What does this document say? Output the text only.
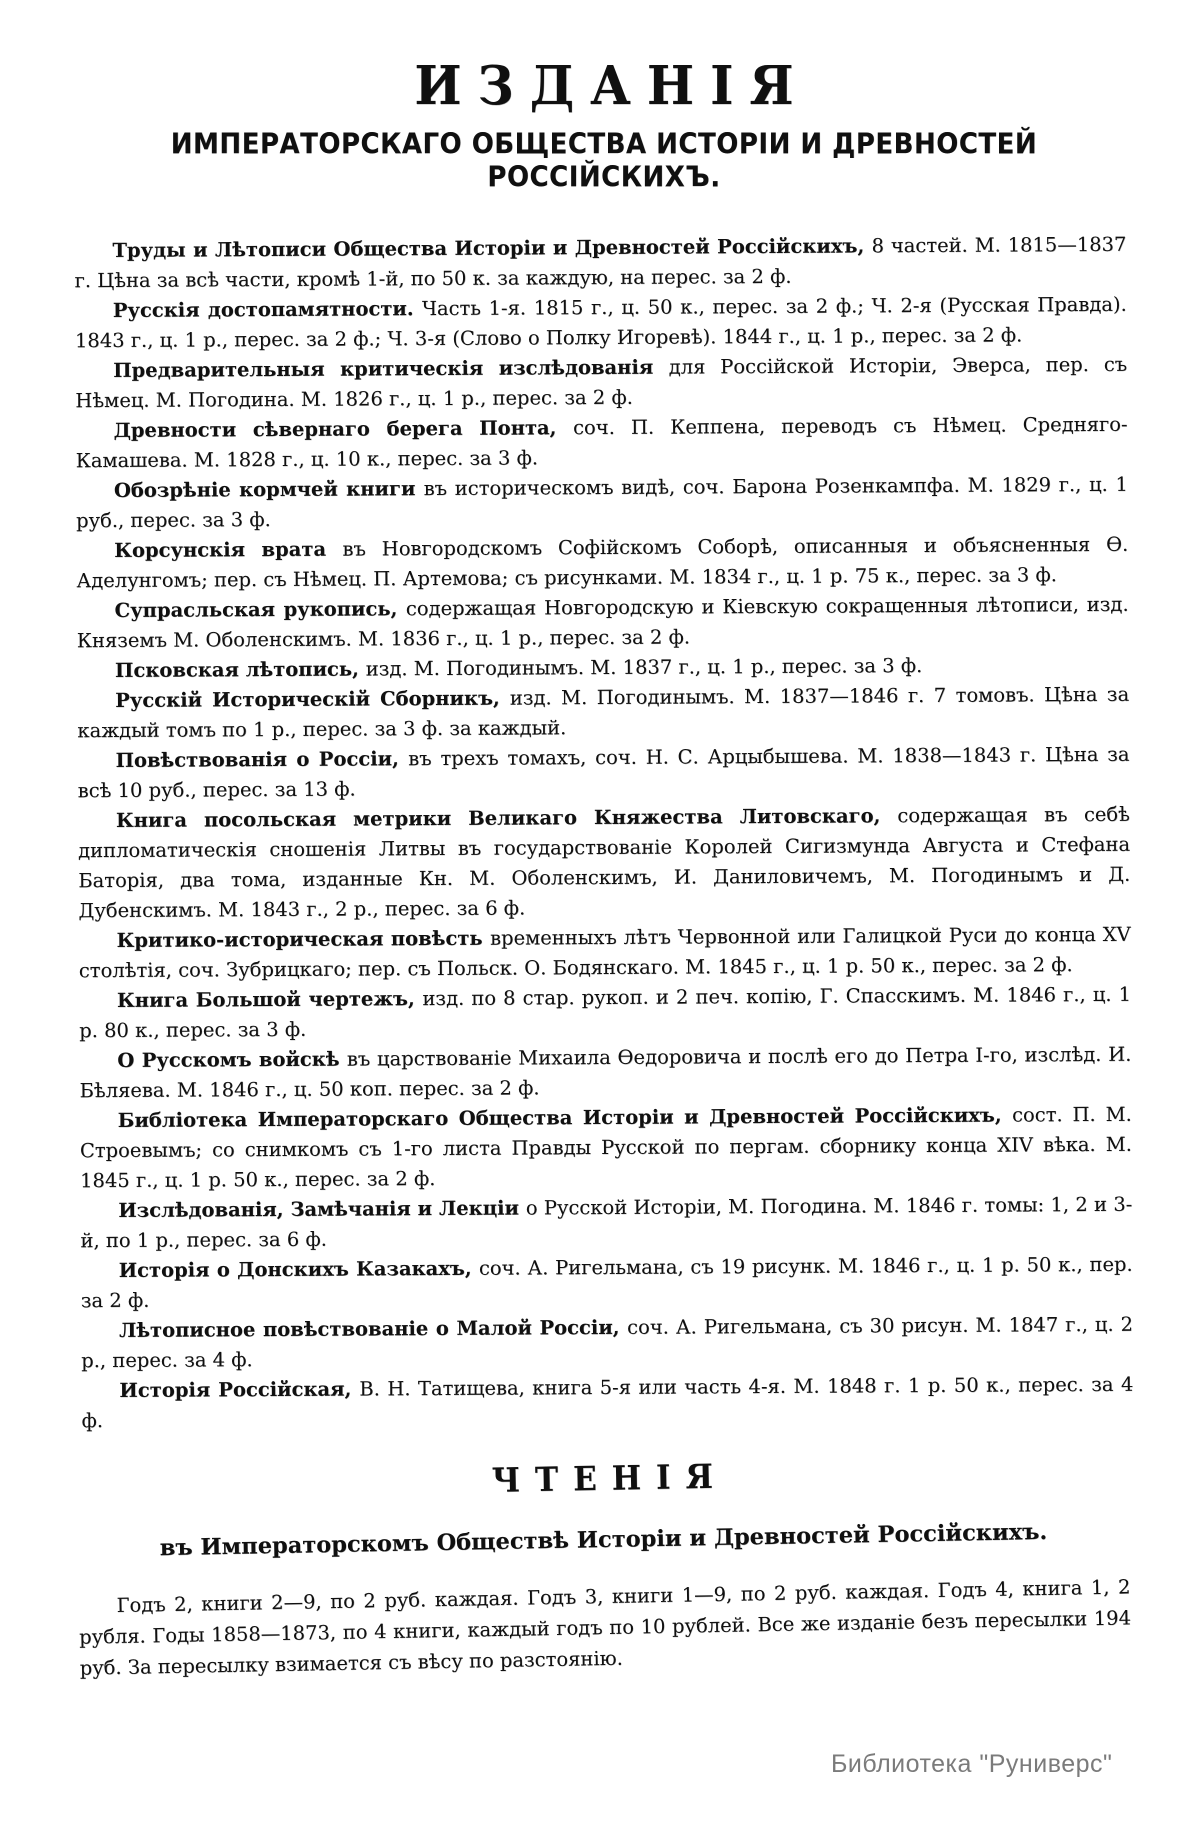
ИЗДАНІЯ
ИМПЕРАТОРСКАГО ОБЩЕСТВА ИСТОРІИ И ДРЕВНОСТЕЙ РОССІЙСКИХЪ.

Труды и Лѣтописи Общества Исторіи и Древностей Россійскихъ, 8 частей. М. 1815—1837 г. Цѣна за всѣ части, кромѣ 1-й, по 50 к. за каждую, на перес. за 2 ф.

Русскія достопамятности. Часть 1-я. 1815 г., ц. 50 к., перес. за 2 ф.; Ч. 2-я (Русская Правда). 1843 г., ц. 1 р., перес. за 2 ф.; Ч. 3-я (Слово о Полку Игоревѣ). 1844 г., ц. 1 р., перес. за 2 ф.

Предварительныя критическія изслѣдованія для Россійской Исторіи, Эверса, пер. съ Нѣмец. М. Погодина. М. 1826 г., ц. 1 р., перес. за 2 ф.

Древности сѣвернаго берега Понта, соч. П. Кеппена, переводъ съ Нѣмец. Средняго-Камашева. М. 1828 г., ц. 10 к., перес. за 3 ф.

Обозрѣніе кормчей книги въ историческомъ видѣ, соч. Барона Розенкампфа. М. 1829 г., ц. 1 руб., перес. за 3 ф.

Корсунскія врата въ Новгородскомъ Софійскомъ Соборѣ, описанныя и объясненныя Ѳ. Аделунгомъ; пер. съ Нѣмец. П. Артемова; съ рисунками. М. 1834 г., ц. 1 р. 75 к., перес. за 3 ф.

Супрасльская рукопись, содержащая Новгородскую и Кіевскую сокращенныя лѣтописи, изд. Княземъ М. Оболенскимъ. М. 1836 г., ц. 1 р., перес. за 2 ф.

Псковская лѣтопись, изд. М. Погодинымъ. М. 1837 г., ц. 1 р., перес. за 3 ф.

Русскій Историческій Сборникъ, изд. М. Погодинымъ. М. 1837—1846 г. 7 томовъ. Цѣна за каждый томъ по 1 р., перес. за 3 ф. за каждый.

Повѣствованія о Россіи, въ трехъ томахъ, соч. Н. С. Арцыбышева. М. 1838—1843 г. Цѣна за всѣ 10 руб., перес. за 13 ф.

Книга посольская метрики Великаго Княжества Литовскаго, содержащая въ себѣ дипломатическія сношенія Литвы въ государствованіе Королей Сигизмунда Августа и Стефана Баторія, два тома, изданные Кн. М. Оболенскимъ, И. Даниловичемъ, М. Погодинымъ и Д. Дубенскимъ. М. 1843 г., 2 р., перес. за 6 ф.

Критико-историческая повѣсть временныхъ лѣтъ Червонной или Галицкой Руси до конца XV столѣтія, соч. Зубрицкаго; пер. съ Польск. О. Бодянскаго. М. 1845 г., ц. 1 р. 50 к., перес. за 2 ф.

Книга Большой чертежъ, изд. по 8 стар. рукоп. и 2 печ. копію, Г. Спасскимъ. М. 1846 г., ц. 1 р. 80 к., перес. за 3 ф.

О Русскомъ войскѣ въ царствованіе Михаила Ѳедоровича и послѣ его до Петра I-го, изслѣд. И. Бѣляева. М. 1846 г., ц. 50 коп. перес. за 2 ф.

Библіотека Императорскаго Общества Исторіи и Древностей Россійскихъ, сост. П. М. Строевымъ; со снимкомъ съ 1-го листа Правды Русской по пергам. сборнику конца XIV вѣка. М. 1845 г., ц. 1 р. 50 к., перес. за 2 ф.

Изслѣдованія, Замѣчанія и Лекціи о Русской Исторіи, М. Погодина. М. 1846 г. томы: 1, 2 и 3-й, по 1 р., перес. за 6 ф.

Исторія о Донскихъ Казакахъ, соч. А. Ригельмана, съ 19 рисунк. М. 1846 г., ц. 1 р. 50 к., пер. за 2 ф.

Лѣтописное повѣствованіе о Малой Россіи, соч. А. Ригельмана, съ 30 рисун. М. 1847 г., ц. 2 р., перес. за 4 ф.

Исторія Россійская, В. Н. Татищева, книга 5-я или часть 4-я. М. 1848 г. 1 р. 50 к., перес. за 4 ф.

ЧТЕНІЯ
въ Императорскомъ Обществѣ Исторіи и Древностей Россійскихъ.

Годъ 2, книги 2—9, по 2 руб. каждая. Годъ 3, книги 1—9, по 2 руб. каждая. Годъ 4, книга 1, 2 рубля. Годы 1858—1873, по 4 книги, каждый годъ по 10 рублей. Все же изданіе безъ пересылки 194 руб. За пересылку взимается съ вѣсу по разстоянію.

Библиотека "Руниверс"
